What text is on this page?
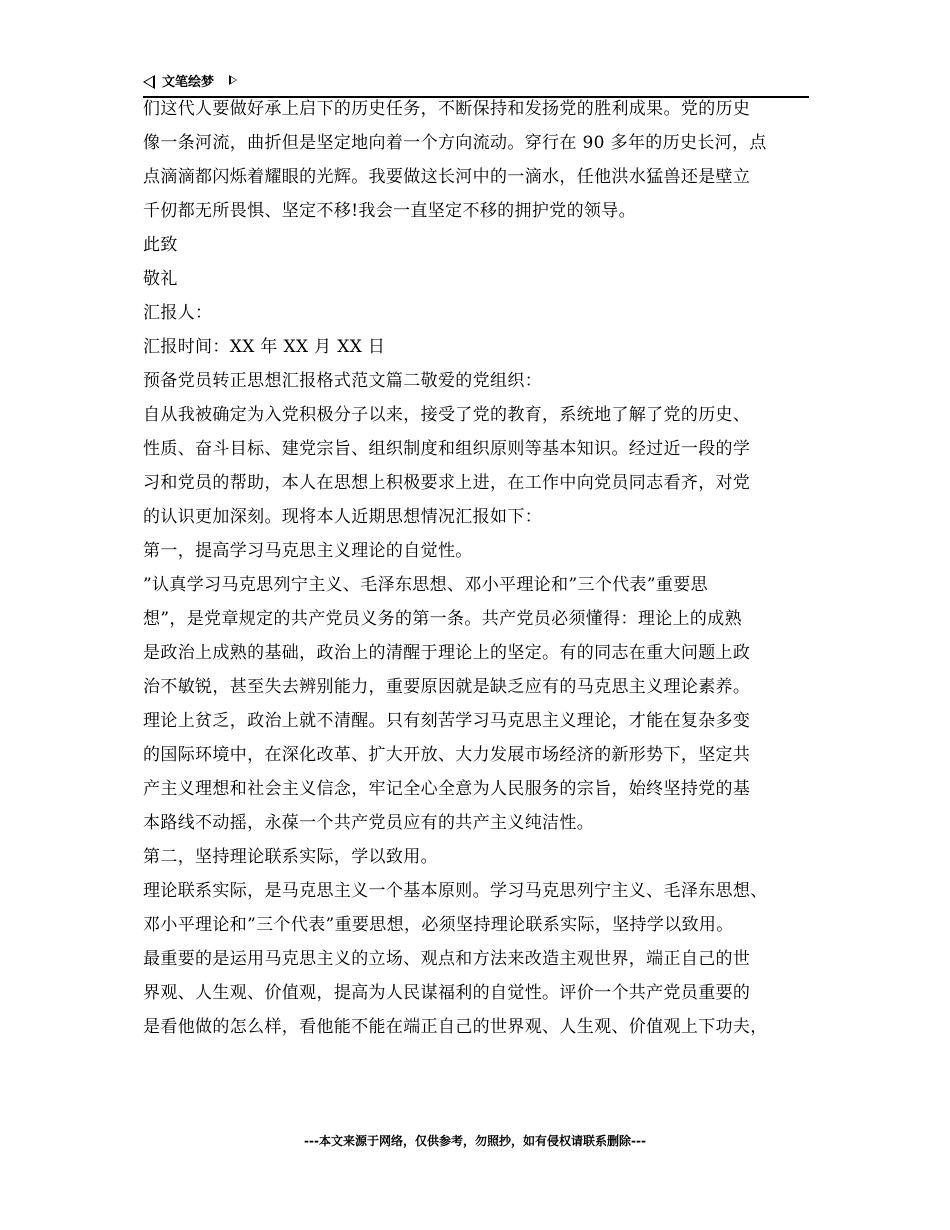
文笔绘梦
们这代人要做好承上启下的历史任务，不断保持和发扬党的胜利成果。党的历史
像一条河流，曲折但是坚定地向着一个方向流动。穿行在 90 多年的历史长河，点
点滴滴都闪烁着耀眼的光辉。我要做这长河中的一滴水，任他洪水猛兽还是壁立
千仞都无所畏惧、坚定不移!我会一直坚定不移的拥护党的领导。
此致
敬礼
汇报人：
汇报时间：XX 年 XX 月 XX 日
预备党员转正思想汇报格式范文篇二敬爱的党组织：
自从我被确定为入党积极分子以来，接受了党的教育，系统地了解了党的历史、
性质、奋斗目标、建党宗旨、组织制度和组织原则等基本知识。经过近一段的学
习和党员的帮助，本人在思想上积极要求上进，在工作中向党员同志看齐，对党
的认识更加深刻。现将本人近期思想情况汇报如下：
第一，提高学习马克思主义理论的自觉性。
”认真学习马克思列宁主义、毛泽东思想、邓小平理论和”三个代表”重要思
想”，是党章规定的共产党员义务的第一条。共产党员必须懂得：理论上的成熟
是政治上成熟的基础，政治上的清醒于理论上的坚定。有的同志在重大问题上政
治不敏锐，甚至失去辨别能力，重要原因就是缺乏应有的马克思主义理论素养。
理论上贫乏，政治上就不清醒。只有刻苦学习马克思主义理论，才能在复杂多变
的国际环境中，在深化改革、扩大开放、大力发展市场经济的新形势下，坚定共
产主义理想和社会主义信念，牢记全心全意为人民服务的宗旨，始终坚持党的基
本路线不动摇，永葆一个共产党员应有的共产主义纯洁性。
第二，坚持理论联系实际，学以致用。
理论联系实际，是马克思主义一个基本原则。学习马克思列宁主义、毛泽东思想、
邓小平理论和”三个代表”重要思想，必须坚持理论联系实际，坚持学以致用。
最重要的是运用马克思主义的立场、观点和方法来改造主观世界，端正自己的世
界观、人生观、价值观，提高为人民谋福利的自觉性。评价一个共产党员重要的
是看他做的怎么样，看他能不能在端正自己的世界观、人生观、价值观上下功夫，
---本文来源于网络，仅供参考，勿照抄，如有侵权请联系删除---
